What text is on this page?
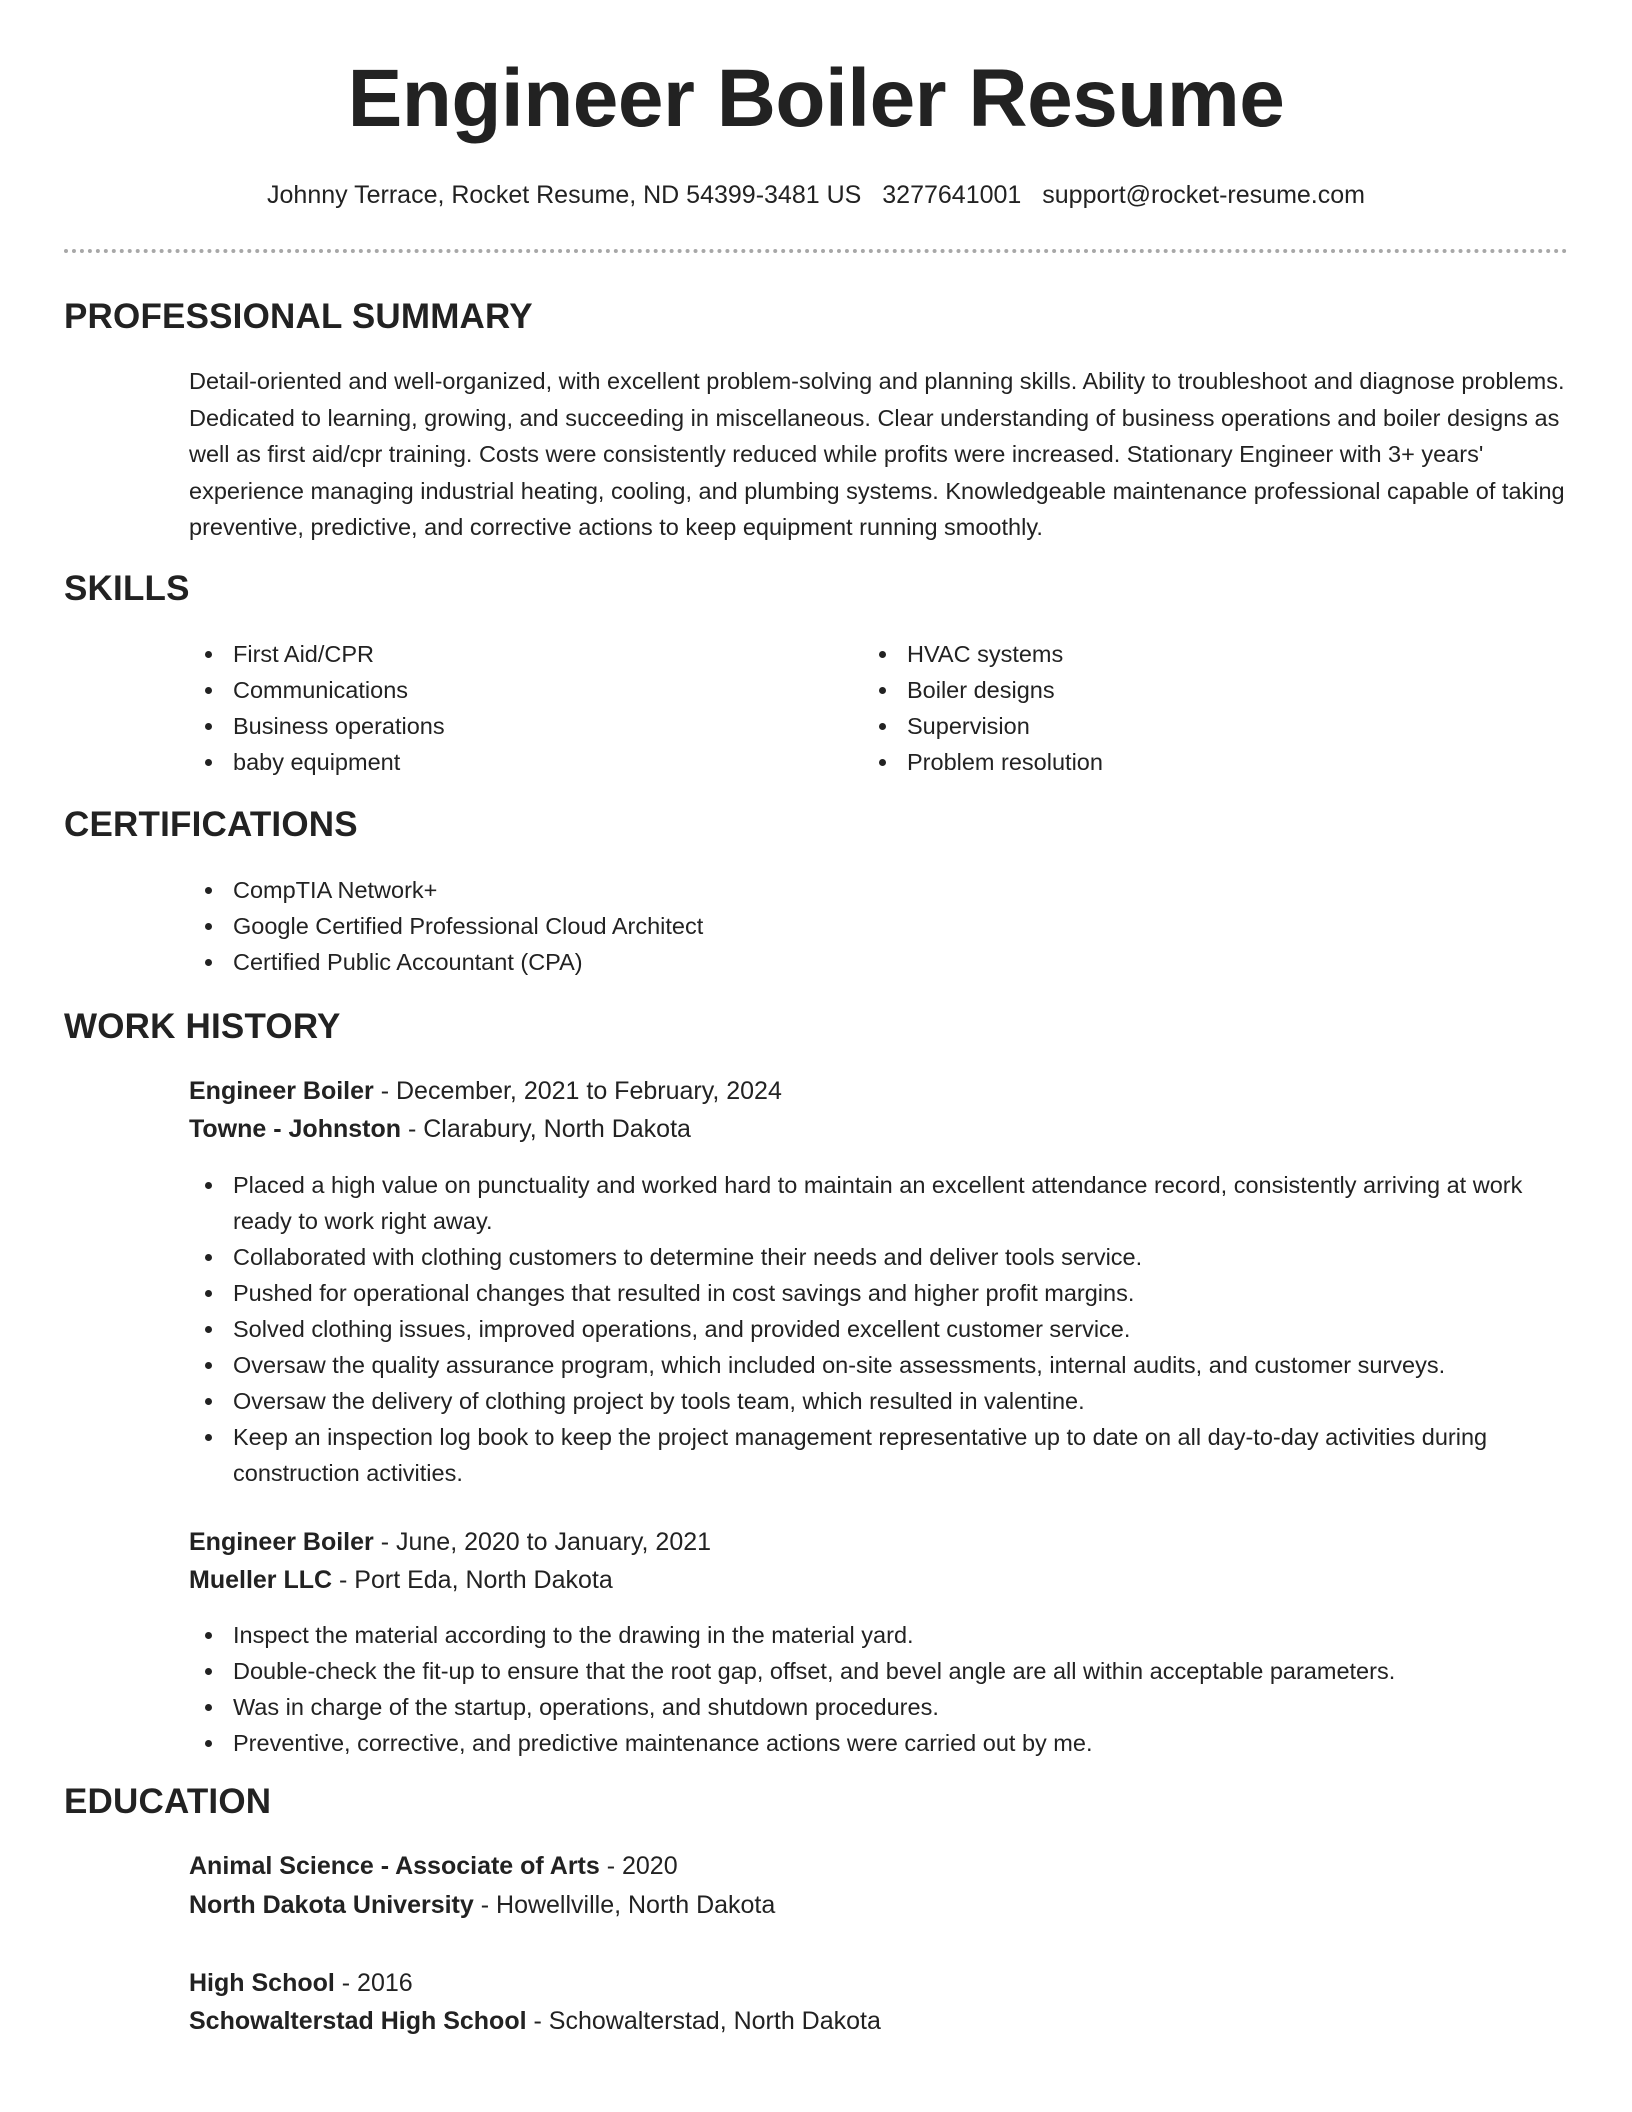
Engineer Boiler Resume
Johnny Terrace, Rocket Resume, ND 54399-3481 US 3277641001 support@rocket-resume.com
PROFESSIONAL SUMMARY

Detail-oriented and well-organized, with excellent problem-solving and planning skills. Ability to troubleshoot and diagnose problems. Dedicated to learning, growing, and succeeding in miscellaneous. Clear understanding of business operations and boiler designs as well as first aid/cpr training. Costs were consistently reduced while profits were increased. Stationary Engineer with 3+ years' experience managing industrial heating, cooling, and plumbing systems. Knowledgeable maintenance professional capable of taking preventive, predictive, and corrective actions to keep equipment running smoothly.

SKILLS
First Aid/CPR
Communications
Business operations
baby equipment
HVAC systems
Boiler designs
Supervision
Problem resolution
CERTIFICATIONS
CompTIA Network+
Google Certified Professional Cloud Architect
Certified Public Accountant (CPA)
WORK HISTORY
Engineer Boiler - December, 2021 to February, 2024
Towne - Johnston - Clarabury, North Dakota
Placed a high value on punctuality and worked hard to maintain an excellent attendance record, consistently arriving at work ready to work right away.
Collaborated with clothing customers to determine their needs and deliver tools service.
Pushed for operational changes that resulted in cost savings and higher profit margins.
Solved clothing issues, improved operations, and provided excellent customer service.
Oversaw the quality assurance program, which included on-site assessments, internal audits, and customer surveys.
Oversaw the delivery of clothing project by tools team, which resulted in valentine.
Keep an inspection log book to keep the project management representative up to date on all day-to-day activities during construction activities.
Engineer Boiler - June, 2020 to January, 2021
Mueller LLC - Port Eda, North Dakota
Inspect the material according to the drawing in the material yard.
Double-check the fit-up to ensure that the root gap, offset, and bevel angle are all within acceptable parameters.
Was in charge of the startup, operations, and shutdown procedures.
Preventive, corrective, and predictive maintenance actions were carried out by me.
EDUCATION
Animal Science - Associate of Arts - 2020
North Dakota University - Howellville, North Dakota
High School - 2016
Schowalterstad High School - Schowalterstad, North Dakota
